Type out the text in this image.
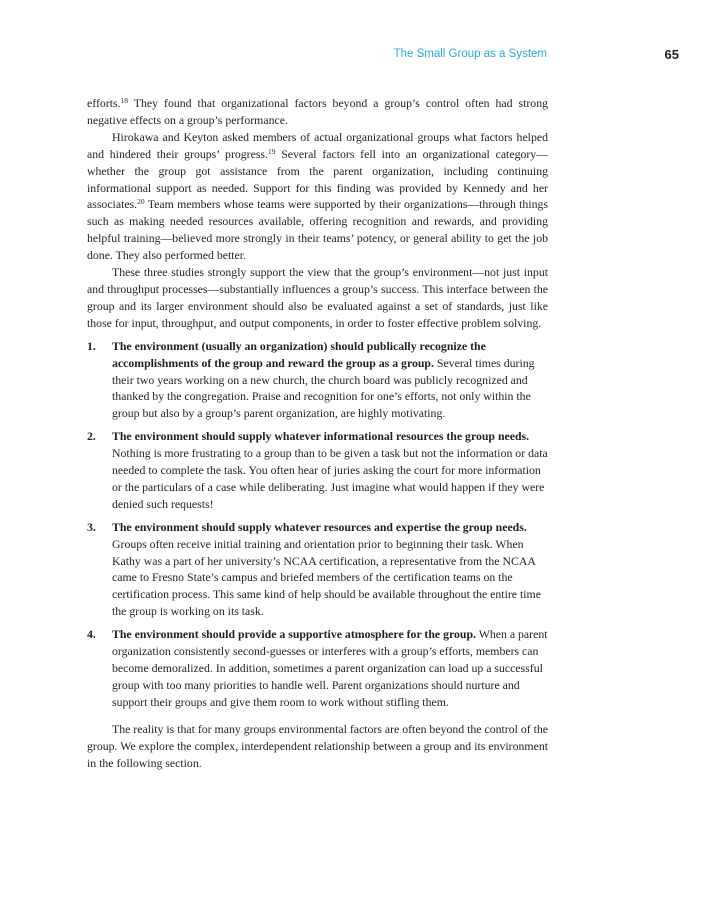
The Small Group as a System	65

efforts.$^{18}$ They found that organizational factors beyond a group’s control often had strong negative effects on a group’s performance.

Hirokawa and Keyton asked members of actual organizational groups what factors helped and hindered their groups’ progress.$^{19}$ Several factors fell into an organizational category—whether the group got assistance from the parent organization, including continuing informational support as needed. Support for this finding was provided by Kennedy and her associates.$^{20}$ Team members whose teams were supported by their organizations—through things such as making needed resources available, offering recognition and rewards, and providing helpful training—believed more strongly in their teams’ potency, or general ability to get the job done. They also performed better.

These three studies strongly support the view that the group’s environment—not just input and throughput processes—substantially influences a group’s success. This interface between the group and its larger environment should also be evaluated against a set of standards, just like those for input, throughput, and output components, in order to foster effective problem solving.

1. The environment (usually an organization) should publically recognize the accomplishments of the group and reward the group as a group. Several times during their two years working on a new church, the church board was publicly recognized and thanked by the congregation. Praise and recognition for one’s efforts, not only within the group but also by a group’s parent organization, are highly motivating.
2. The environment should supply whatever informational resources the group needs. Nothing is more frustrating to a group than to be given a task but not the information or data needed to complete the task. You often hear of juries asking the court for more information or the particulars of a case while deliberating. Just imagine what would happen if they were denied such requests!
3. The environment should supply whatever resources and expertise the group needs. Groups often receive initial training and orientation prior to beginning their task. When Kathy was a part of her university’s NCAA certification, a representative from the NCAA came to Fresno State’s campus and briefed members of the certification teams on the certification process. This same kind of help should be available throughout the entire time the group is working on its task.
4. The environment should provide a supportive atmosphere for the group. When a parent organization consistently second-guesses or interferes with a group’s efforts, members can become demoralized. In addition, sometimes a parent organization can load up a successful group with too many priorities to handle well. Parent organizations should nurture and support their groups and give them room to work without stifling them.

The reality is that for many groups environmental factors are often beyond the control of the group. We explore the complex, interdependent relationship between a group and its environment in the following section.
